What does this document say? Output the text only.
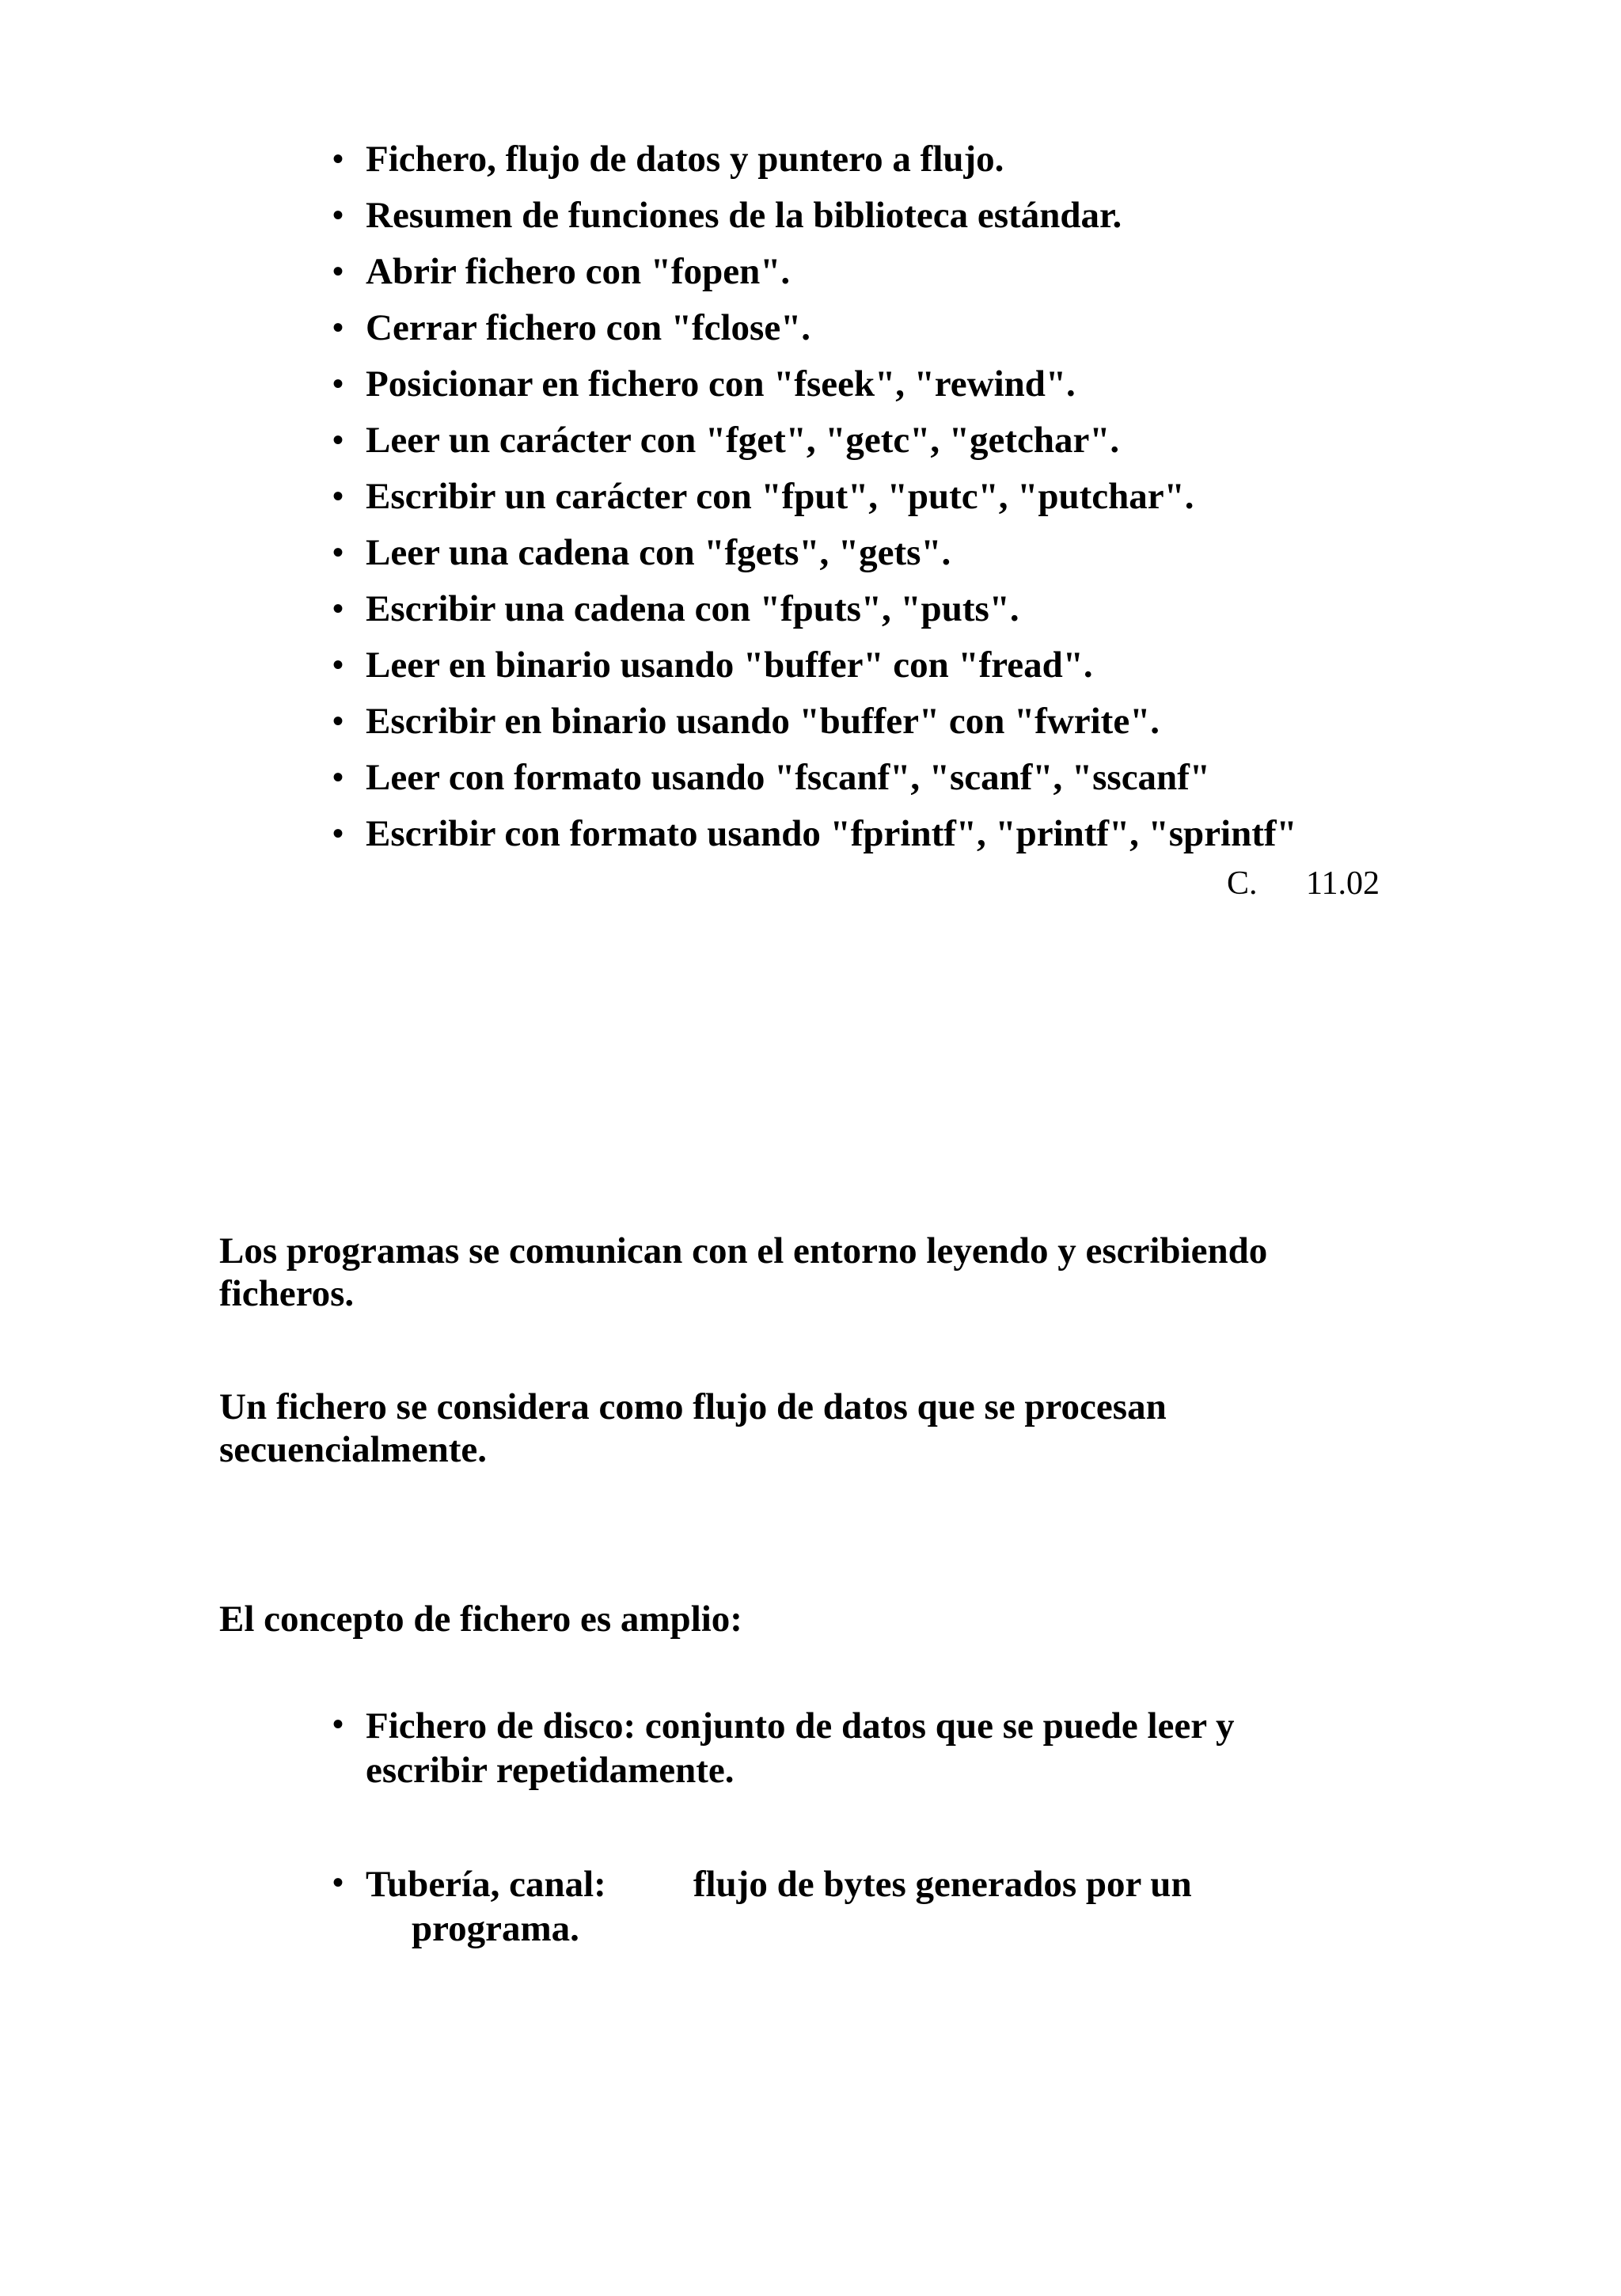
• Fichero, flujo de datos y puntero a flujo.
• Resumen de funciones de la biblioteca estándar.
• Abrir fichero con "fopen".
• Cerrar fichero con "fclose".
• Posicionar en fichero con "fseek", "rewind".
• Leer un carácter con "fget", "getc", "getchar".
• Escribir un carácter con "fput", "putc", "putchar".
• Leer una cadena con "fgets", "gets".
• Escribir una cadena con "fputs", "puts".
• Leer en binario usando "buffer" con "fread".
• Escribir en binario usando "buffer" con "fwrite".
• Leer con formato usando "fscanf", "scanf", "sscanf"
• Escribir con formato usando "fprintf", "printf", "sprintf"
C. 11.02

Los programas se comunican con el entorno leyendo y escribiendo ficheros.

Un fichero se considera como flujo de datos que se procesan secuencialmente.

El concepto de fichero es amplio:

• Fichero de disco: conjunto de datos que se puede leer y
escribir repetidamente.
• Tubería, canal: flujo de bytes generados por un
programa.
